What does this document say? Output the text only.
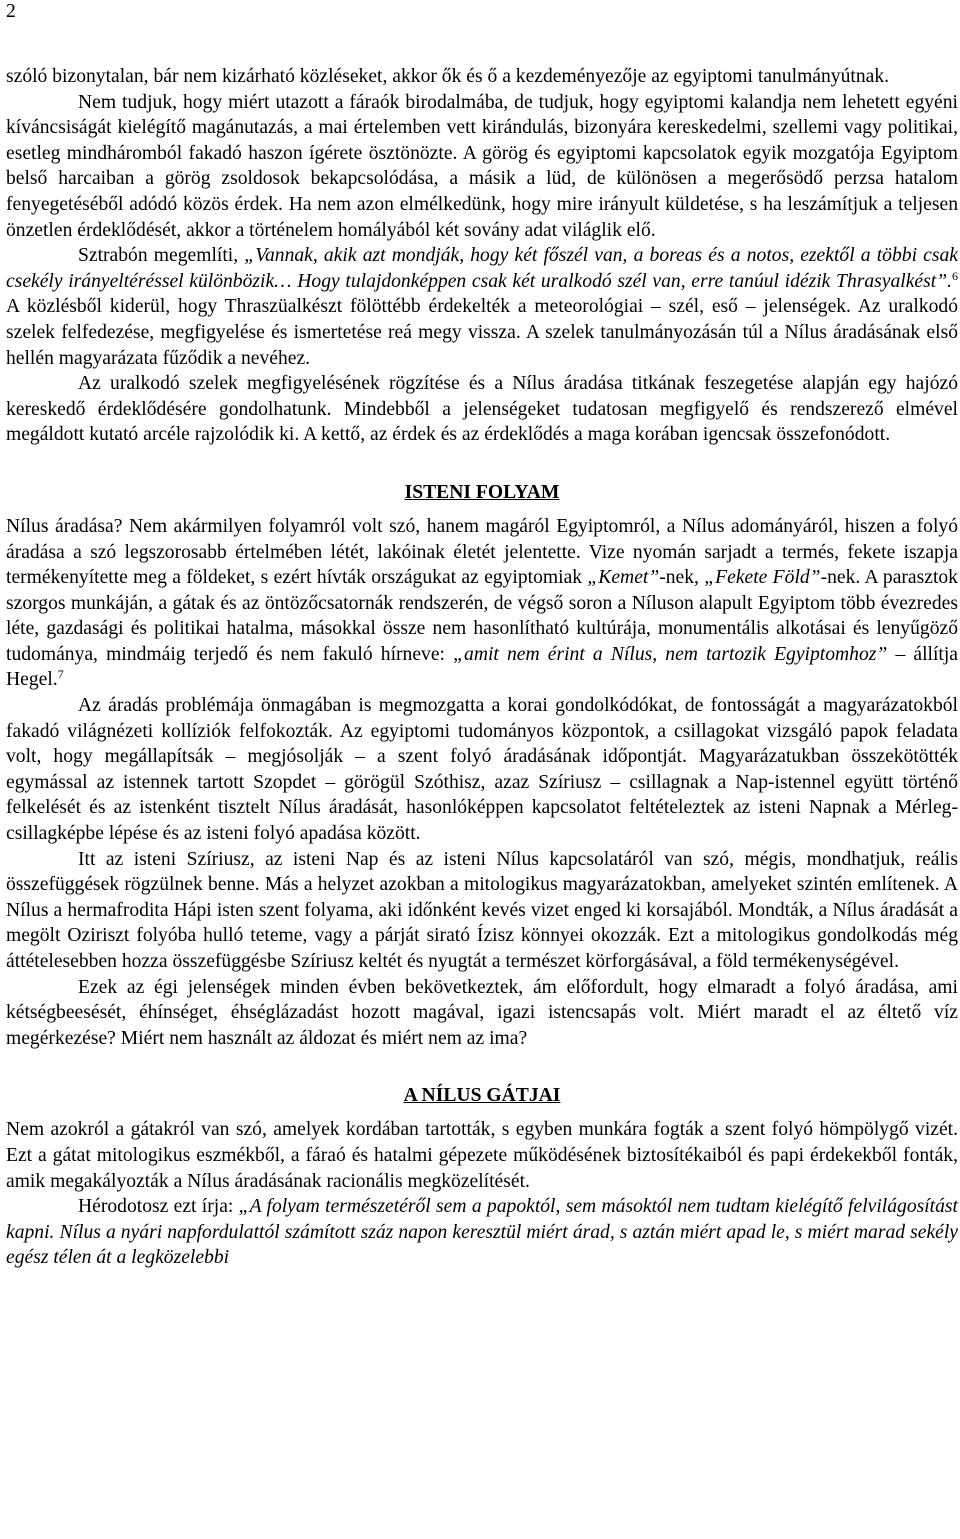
2

szóló bizonytalan, bár nem kizárható közléseket, akkor ők és ő a kezdeményezője az egyiptomi tanulmányútnak.

Nem tudjuk, hogy miért utazott a fáraók birodalmába, de tudjuk, hogy egyiptomi kalandja nem lehetett egyéni kíváncsiságát kielégítő magánutazás, a mai értelemben vett kirándulás, bizonyára kereskedelmi, szellemi vagy politikai, esetleg mindháromból fakadó haszon ígérete ösztönözte. A görög és egyiptomi kapcsolatok egyik mozgatója Egyiptom belső harcaiban a görög zsoldosok bekapcsolódása, a másik a lüd, de különösen a megerősödő perzsa hatalom fenyegetéséből adódó közös érdek. Ha nem azon elmélkedünk, hogy mire irányult küldetése, s ha leszámítjuk a teljesen önzetlen érdeklődését, akkor a történelem homályából két sovány adat világlik elő.

Sztrabón megemlíti, „Vannak, akik azt mondják, hogy két főszél van, a boreas és a notos, ezektől a többi csak csekély irányeltéréssel különbözik… Hogy tulajdonképpen csak két uralkodó szél van, erre tanúul idézik Thrasyalkést”.$^6$ A közlésből kiderül, hogy Thraszüalkészt fölöttébb érdekelték a meteorológiai – szél, eső – jelenségek. Az uralkodó szelek felfedezése, megfigyelése és ismertetése reá megy vissza. A szelek tanulmányozásán túl a Nílus áradásának első hellén magyarázata fűződik a nevéhez.

Az uralkodó szelek megfigyelésének rögzítése és a Nílus áradása titkának feszegetése alapján egy hajózó kereskedő érdeklődésére gondolhatunk. Mindebből a jelenségeket tudatosan megfigyelő és rendszerező elmével megáldott kutató arcéle rajzolódik ki. A kettő, az érdek és az érdeklődés a maga korában igencsak összefonódott.

ISTENI FOLYAM

Nílus áradása? Nem akármilyen folyamról volt szó, hanem magáról Egyiptomról, a Nílus adományáról, hiszen a folyó áradása a szó legszorosabb értelmében létét, lakóinak életét jelentette. Vize nyomán sarjadt a termés, fekete iszapja termékenyítette meg a földeket, s ezért hívták országukat az egyiptomiak „Kemet”-nek, „Fekete Föld”-nek. A parasztok szorgos munkáján, a gátak és az öntözőcsatornák rendszerén, de végső soron a Níluson alapult Egyiptom több évezredes léte, gazdasági és politikai hatalma, másokkal össze nem hasonlítható kultúrája, monumentális alkotásai és lenyűgöző tudománya, mindmáig terjedő és nem fakuló hírneve: „amit nem érint a Nílus, nem tartozik Egyiptomhoz” – állítja Hegel.$^7$

Az áradás problémája önmagában is megmozgatta a korai gondolkódókat, de fontosságát a magyarázatokból fakadó világnézeti kollíziók felfokozták. Az egyiptomi tudományos központok, a csillagokat vizsgáló papok feladata volt, hogy megállapítsák – megjósolják – a szent folyó áradásának időpontját. Magyarázatukban összekötötték egymással az istennek tartott Szopdet – görögül Szóthisz, azaz Szíriusz – csillagnak a Nap-istennel együtt történő felkelését és az istenként tisztelt Nílus áradását, hasonlóképpen kapcsolatot feltételeztek az isteni Napnak a Mérleg-csillagképbe lépése és az isteni folyó apadása között.

Itt az isteni Szíriusz, az isteni Nap és az isteni Nílus kapcsolatáról van szó, mégis, mondhatjuk, reális összefüggések rögzülnek benne. Más a helyzet azokban a mitologikus magyarázatokban, amelyeket szintén említenek. A Nílus a hermafrodita Hápi isten szent folyama, aki időnként kevés vizet enged ki korsajából. Mondták, a Nílus áradását a megölt Oziriszt folyóba hulló teteme, vagy a párját sirató Ízisz könnyei okozzák. Ezt a mitologikus gondolkodás még áttételesebben hozza összefüggésbe Szíriusz keltét és nyugtát a természet körforgásával, a föld termékenységével.

Ezek az égi jelenségek minden évben bekövetkeztek, ám előfordult, hogy elmaradt a folyó áradása, ami kétségbeesését, éhínséget, éhséglázadást hozott magával, igazi istencsapás volt. Miért maradt el az éltető víz megérkezése? Miért nem használt az áldozat és miért nem az ima?

A NÍLUS GÁTJAI

Nem azokról a gátakról van szó, amelyek kordában tartották, s egyben munkára fogták a szent folyó hömpölygő vizét. Ezt a gátat mitologikus eszmékből, a fáraó és hatalmi gépezete működésének biztosítékaiból és papi érdekekből fonták, amik megakályozták a Nílus áradásának racionális megközelítését.

Hérodotosz ezt írja: „A folyam természetéről sem a papoktól, sem másoktól nem tudtam kielégítő felvilágosítást kapni. Nílus a nyári napfordulattól számított száz napon keresztül miért árad, s aztán miért apad le, s miért marad sekély egész télen át a legközelebbi
